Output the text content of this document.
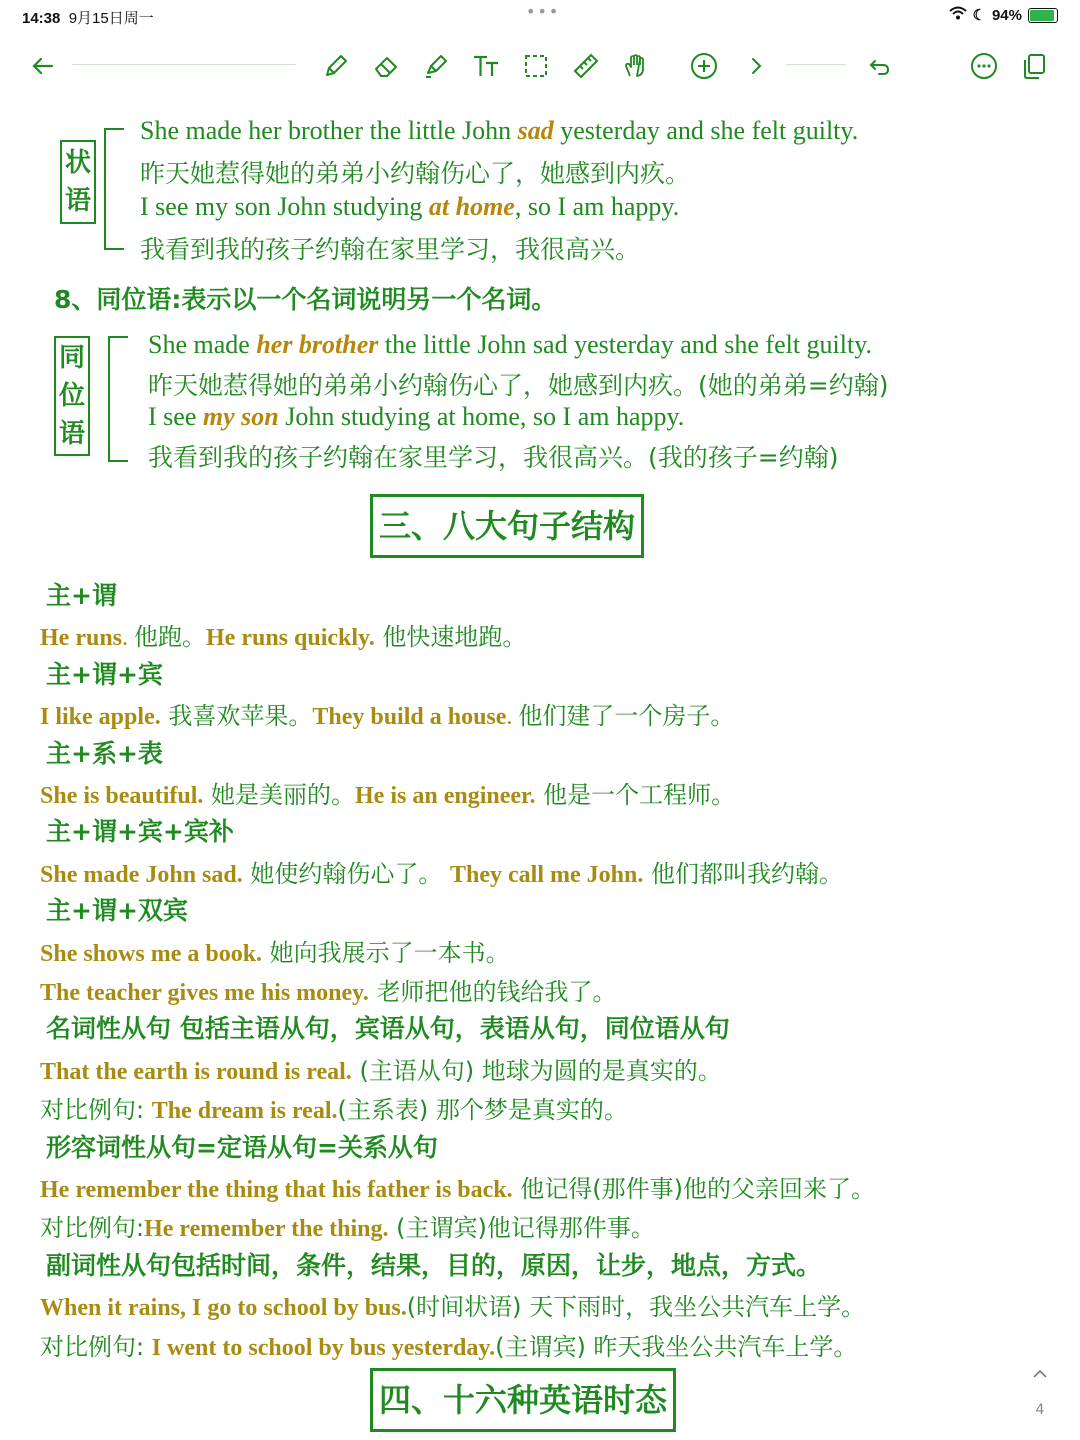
14:38 9月15日周一	•••	☾ 94%
状
语
She made her brother the little John sad yesterday and she felt guilty.
昨天她惹得她的弟弟小约翰伤心了，她感到内疚。
I see my son John studying at home, so I am happy.
我看到我的孩子约翰在家里学习，我很高兴。
8、同位语:表示以一个名词说明另一个名词。
同
位
语
She made her brother the little John sad yesterday and she felt guilty.
昨天她惹得她的弟弟小约翰伤心了，她感到内疚。(她的弟弟=约翰)
I see my son John studying at home, so I am happy.
我看到我的孩子约翰在家里学习，我很高兴。(我的孩子=约翰)
三、八大句子结构
主+谓
He runs. 他跑。He runs quickly. 他快速地跑。
主+谓+宾
I like apple. 我喜欢苹果。They build a house. 他们建了一个房子。
主+系+表
She is beautiful. 她是美丽的。He is an engineer. 他是一个工程师。
主+谓+宾+宾补
She made John sad. 她使约翰伤心了。 They call me John. 他们都叫我约翰。
主+谓+双宾
She shows me a book. 她向我展示了一本书。
The teacher gives me his money. 老师把他的钱给我了。
名词性从句 包括主语从句，宾语从句，表语从句，同位语从句
That the earth is round is real. (主语从句) 地球为圆的是真实的。
对比例句: The dream is real.(主系表) 那个梦是真实的。
形容词性从句=定语从句=关系从句
He remember the thing that his father is back. 他记得(那件事)他的父亲回来了。
对比例句:He remember the thing. (主谓宾)他记得那件事。
副词性从句包括时间，条件，结果，目的，原因，让步，地点，方式。
When it rains, I go to school by bus.(时间状语) 天下雨时，我坐公共汽车上学。
对比例句: I went to school by bus yesterday.(主谓宾) 昨天我坐公共汽车上学。
四、十六种英语时态	4
